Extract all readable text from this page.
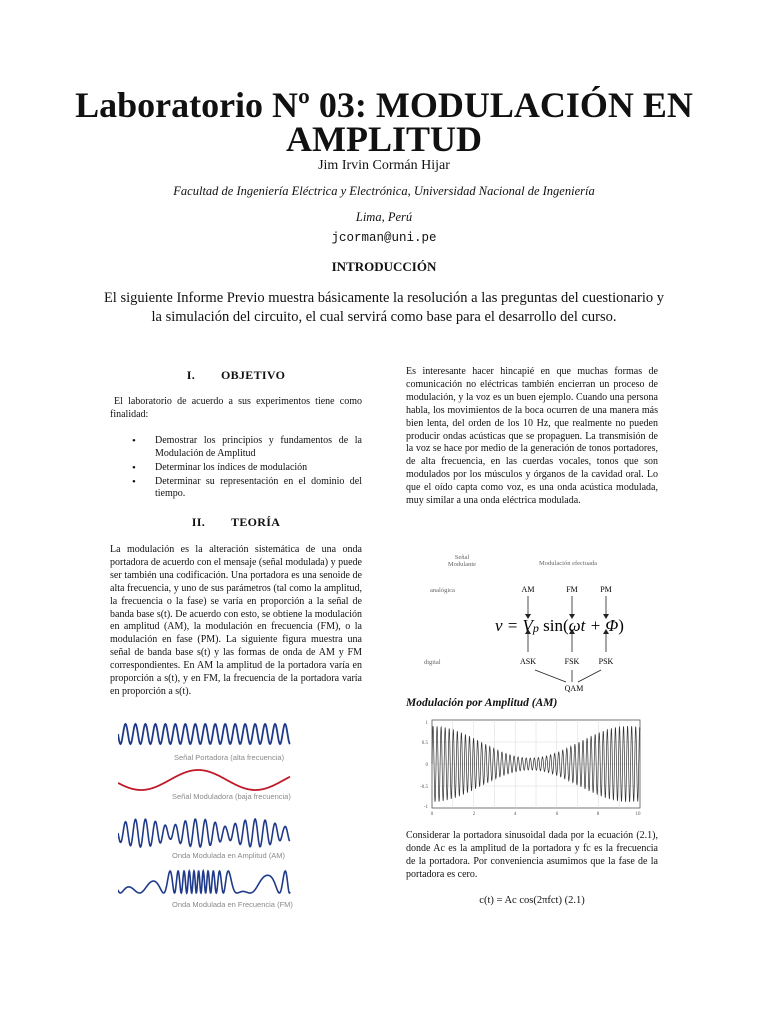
Laboratorio Nº 03: MODULACIÓN EN AMPLITUD
Jim Irvin Cormán Hijar
Facultad de Ingeniería Eléctrica y Electrónica, Universidad Nacional de Ingeniería
Lima, Perú
jcorman@uni.pe
INTRODUCCIÓN
El siguiente Informe Previo muestra básicamente la resolución a las preguntas del cuestionario y la simulación del circuito, el cual servirá como base para el desarrollo del curso.
I. OBJETIVO
El laboratorio de acuerdo a sus experimentos tiene como finalidad:
• Demostrar los principios y fundamentos de la Modulación de Amplitud
• Determinar los índices de modulación
• Determinar su representación en el dominio del tiempo.
II. TEORÍA
La modulación es la alteración sistemática de una onda portadora de acuerdo con el mensaje (señal modulada) y puede ser también una codificación. Una portadora es una senoide de alta frecuencia, y uno de sus parámetros (tal como la amplitud, la frecuencia o la fase) se varía en proporción a la señal de banda base s(t). De acuerdo con esto, se obtiene la modulación en amplitud (AM), la modulación en frecuencia (FM), o la modulación en fase (PM). La siguiente figura muestra una señal de banda base s(t) y las formas de onda de AM y FM correspondientes. En AM la amplitud de la portadora varía en proporción a s(t), y en FM, la frecuencia de la portadora varía en proporción a s(t).
Señal Portadora (alta frecuencia)
Señal Moduladora (baja frecuencia)
Onda Modulada en Amplitud (AM)
Onda Modulada en Frecuencia (FM)
Es interesante hacer hincapié en que muchas formas de comunicación no eléctricas también encierran un proceso de modulación, y la voz es un buen ejemplo. Cuando una persona habla, los movimientos de la boca ocurren de una manera más bien lenta, del orden de los 10 Hz, que realmente no pueden producir ondas acústicas que se propaguen. La transmisión de la voz se hace por medio de la generación de tonos portadores, de alta frecuencia, en las cuerdas vocales, tonos que son modulados por los músculos y órganos de la cavidad oral. Lo que el oído capta como voz, es una onda acústica modulada, muy similar a una onda eléctrica modulada.
Señal Modulante	Modulación efectuada
analógica
digital
AM	FM	PM
v = Vp sin(ωt + Φ)
ASK	FSK PSK
QAM
Modulación por Amplitud (AM)
1
0.5
0
-0.5
-1
0	2	4	6	8	10
Considerar la portadora sinusoidal dada por la ecuación (2.1), donde Ac es la amplitud de la portadora y fc es la frecuencia de la portadora. Por conveniencia asumimos que la fase de la portadora es cero.
c(t) = Ac cos(2πfct) (2.1)
